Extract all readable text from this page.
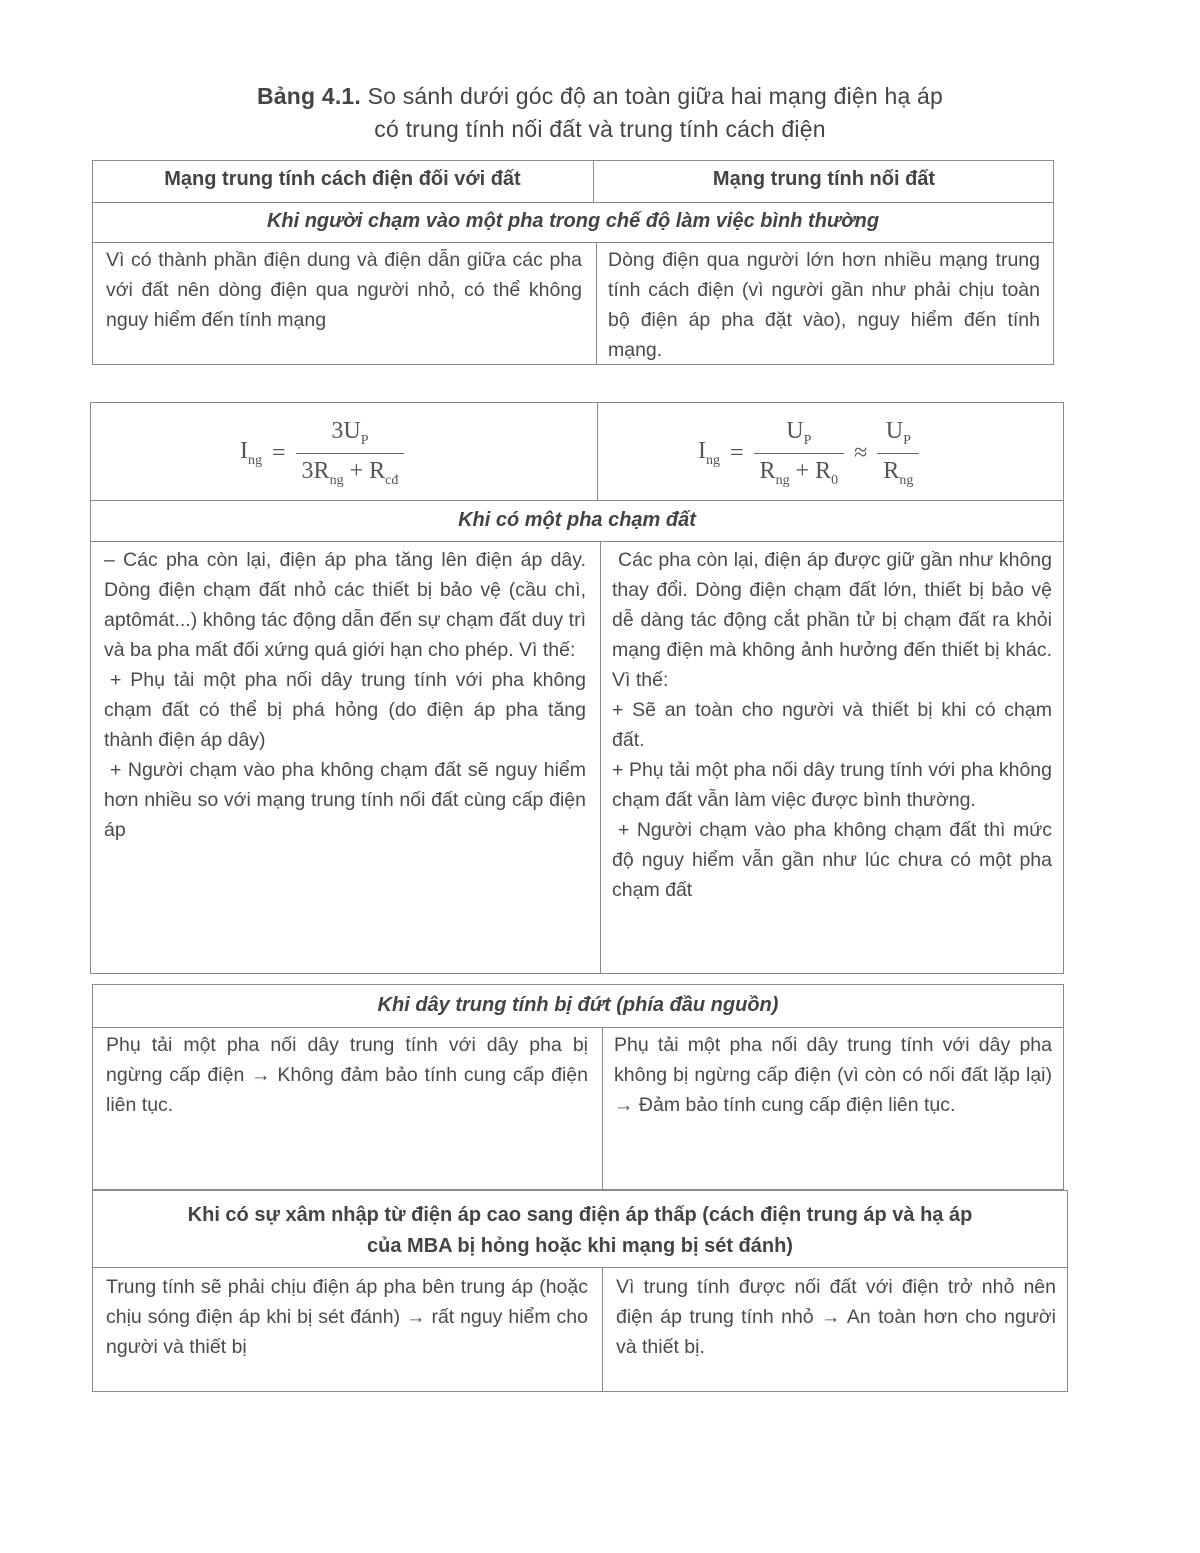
Bảng 4.1. So sánh dưới góc độ an toàn giữa hai mạng điện hạ áp
có trung tính nối đất và trung tính cách điện
Mạng trung tính cách điện đối với đất	Mạng trung tính nối đất
Khi người chạm vào một pha trong chế độ làm việc bình thường

Vì có thành phần điện dung và điện dẫn giữa các pha với đất nên dòng điện qua người nhỏ, có thể không nguy hiểm đến tính mạng

Dòng điện qua người lớn hơn nhiều mạng trung tính cách điện (vì người gần như phải chịu toàn bộ điện áp pha đặt vào), nguy hiểm đến tính mạng.

$I_{ng} = \frac{3U_P}{3R_{ng} + R_{cđ}}$	$I_{ng} = \frac{U_P}{R_{ng} + R_0} \approx \frac{U_P}{R_{ng}}$
Khi có một pha chạm đất

– Các pha còn lại, điện áp pha tăng lên điện áp dây. Dòng điện chạm đất nhỏ các thiết bị bảo vệ (cầu chì, aptômát...) không tác động dẫn đến sự chạm đất duy trì và ba pha mất đối xứng quá giới hạn cho phép. Vì thế:

+ Phụ tải một pha nối dây trung tính với pha không chạm đất có thể bị phá hỏng (do điện áp pha tăng thành điện áp dây)

+ Người chạm vào pha không chạm đất sẽ nguy hiểm hơn nhiều so với mạng trung tính nối đất cùng cấp điện áp

Các pha còn lại, điện áp được giữ gần như không thay đổi. Dòng điện chạm đất lớn, thiết bị bảo vệ dễ dàng tác động cắt phần tử bị chạm đất ra khỏi mạng điện mà không ảnh hưởng đến thiết bị khác. Vì thế:

+ Sẽ an toàn cho người và thiết bị khi có chạm đất.

+ Phụ tải một pha nối dây trung tính với pha không chạm đất vẫn làm việc được bình thường.

+ Người chạm vào pha không chạm đất thì mức độ nguy hiểm vẫn gần như lúc chưa có một pha chạm đất

Khi dây trung tính bị đứt (phía đầu nguồn)

Phụ tải một pha nối dây trung tính với dây pha bị ngừng cấp điện → Không đảm bảo tính cung cấp điện liên tục.

Phụ tải một pha nối dây trung tính với dây pha không bị ngừng cấp điện (vì còn có nối đất lặp lại) → Đảm bảo tính cung cấp điện liên tục.

Khi có sự xâm nhập từ điện áp cao sang điện áp thấp (cách điện trung áp và hạ áp
của MBA bị hỏng hoặc khi mạng bị sét đánh)

Trung tính sẽ phải chịu điện áp pha bên trung áp (hoặc chịu sóng điện áp khi bị sét đánh) → rất nguy hiểm cho người và thiết bị

Vì trung tính được nối đất với điện trở nhỏ nên điện áp trung tính nhỏ → An toàn hơn cho người và thiết bị.
